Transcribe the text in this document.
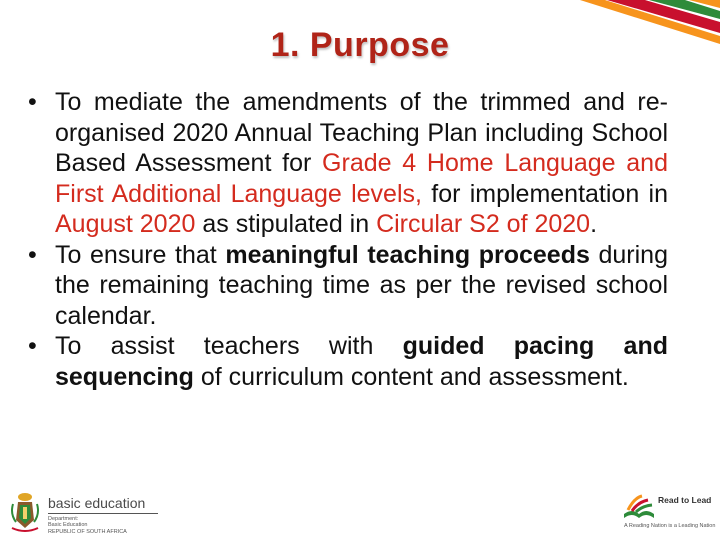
1. Purpose
• To mediate the amendments of the trimmed and re-organised 2020 Annual Teaching Plan including School Based Assessment for Grade 4 Home Language and First Additional Language levels, for implementation in August 2020 as stipulated in Circular S2 of 2020.
• To ensure that meaningful teaching proceeds during the remaining teaching time as per the revised school calendar.
• To assist teachers with guided pacing and sequencing of curriculum content and assessment.
basic education
Department:
Basic Education
REPUBLIC OF SOUTH AFRICA
Read to Lead
A Reading Nation is a Leading Nation
